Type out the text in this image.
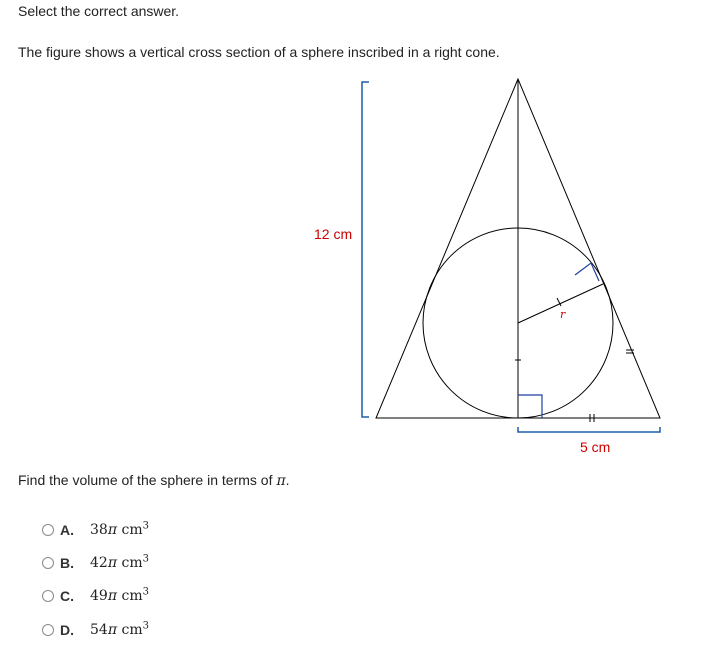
Select the correct answer.
The figure shows a vertical cross section of a sphere inscribed in a right cone.
12 cm
r
5 cm
Find the volume of the sphere in terms of π.
A.	38π $cm^3$
B.	42π $cm^3$
C.	49π $cm^3$
D.	54π $cm^3$
